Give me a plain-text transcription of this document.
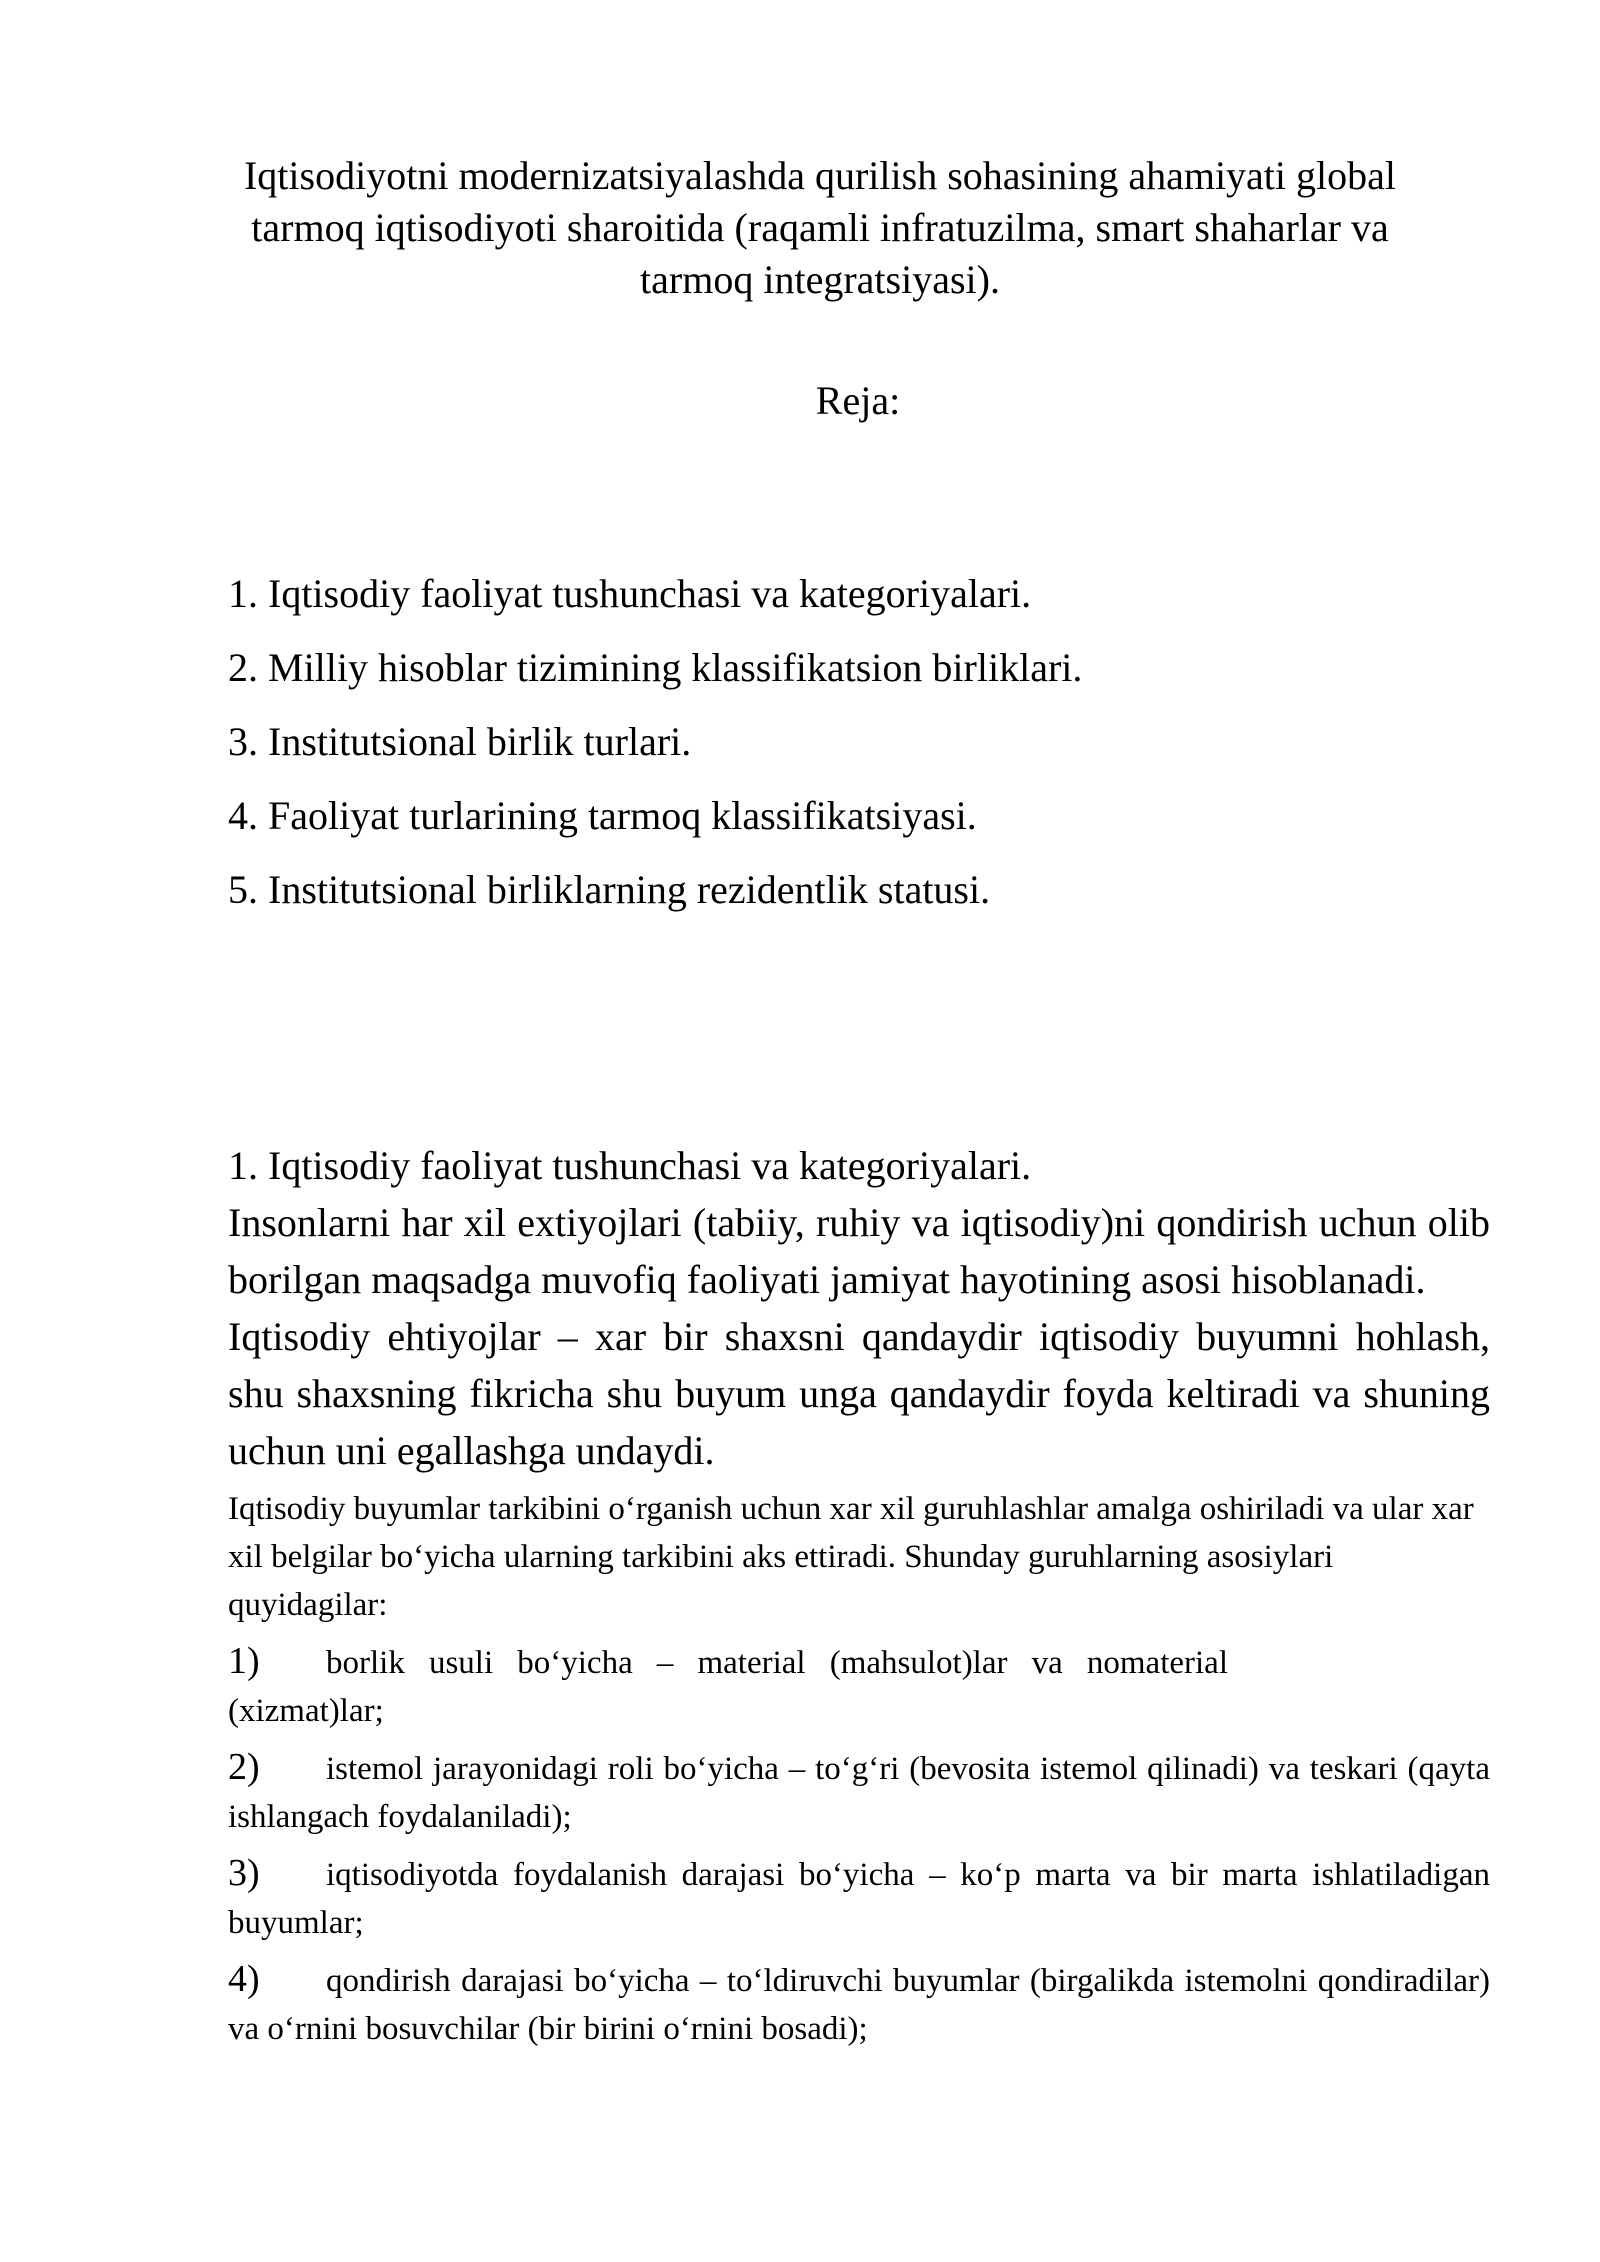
Iqtisodiyotni modernizatsiyalashda qurilish sohasining ahamiyati global tarmoq iqtisodiyoti sharoitida (raqamli infratuzilma, smart shaharlar va tarmoq integratsiyasi).
Reja:
1. Iqtisodiy faoliyat tushunchasi va kategoriyalari.
2. Milliy hisoblar tizimining klassifikatsion birliklari.
3. Institutsional birlik turlari.
4. Faoliyat turlarining tarmoq klassifikatsiyasi.
5. Institutsional birliklarning rezidentlik statusi.

1. Iqtisodiy faoliyat tushunchasi va kategoriyalari.

Insonlarni har xil extiyojlari (tabiiy, ruhiy va iqtisodiy)ni qondirish uchun olib borilgan maqsadga muvofiq faoliyati jamiyat hayotining asosi hisoblanadi.

Iqtisodiy ehtiyojlar – xar bir shaxsni qandaydir iqtisodiy buyumni hohlash, shu shaxsning fikricha shu buyum unga qandaydir foyda keltiradi va shuning uchun uni egallashga undaydi.

Iqtisodiy buyumlar tarkibini o‘rganish uchun xar xil guruhlashlar amalga oshiriladi va ular xar xil belgilar bo‘yicha ularning tarkibini aks ettiradi. Shunday guruhlarning asosiylari quyidagilar:

1) borlik usuli bo‘yicha – material (mahsulot)lar va nomaterial (xizmat)lar;
2) istemol jarayonidagi roli bo‘yicha – to‘g‘ri (bevosita istemol qilinadi) va teskari (qayta ishlangach foydalaniladi);
3) iqtisodiyotda foydalanish darajasi bo‘yicha – ko‘p marta va bir marta ishlatiladigan buyumlar;
4) qondirish darajasi bo‘yicha – to‘ldiruvchi buyumlar (birgalikda istemolni qondiradilar) va o‘rnini bosuvchilar (bir birini o‘rnini bosadi);
